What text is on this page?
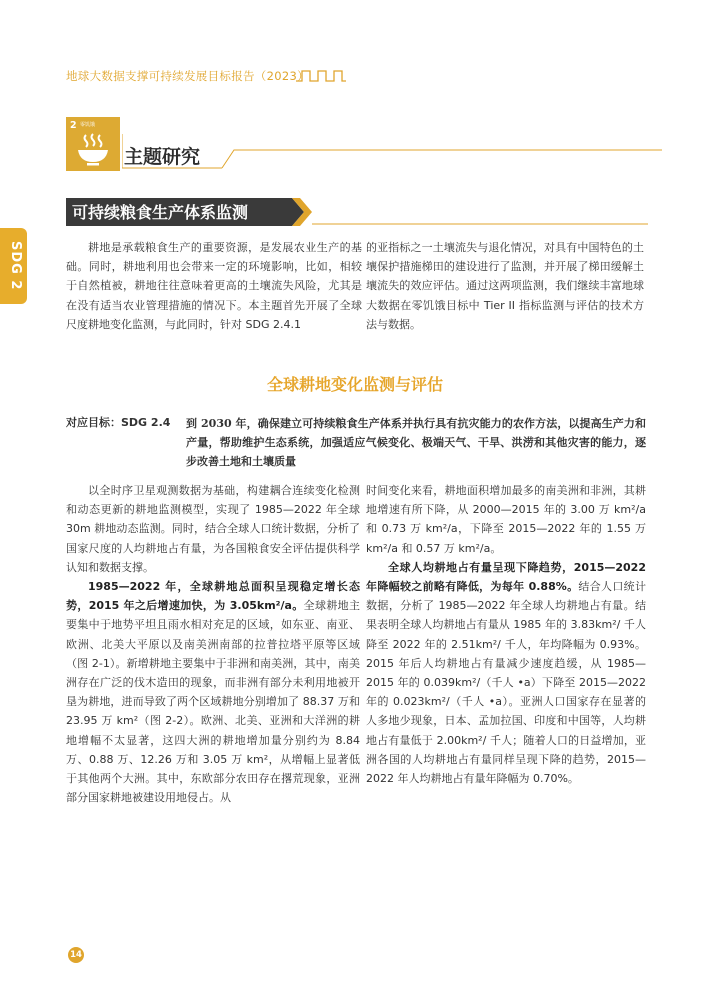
地球大数据支撑可持续发展目标报告（2023）
2 零饥饿
主题研究
SDG 2
可持续粮食生产体系监测

耕地是承载粮食生产的重要资源，是发展农业生产的基础。同时，耕地利用也会带来一定的环境影响，比如，相较于自然植被，耕地往往意味着更高的土壤流失风险，尤其是在没有适当农业管理措施的情况下。本主题首先开展了全球尺度耕地变化监测，与此同时，针对 SDG 2.4.1

的亚指标之一土壤流失与退化情况，对具有中国特色的土壤保护措施梯田的建设进行了监测，并开展了梯田缓解土壤流失的效应评估。通过这两项监测，我们继续丰富地球大数据在零饥饿目标中 Tier II 指标监测与评估的技术方法与数据。

全球耕地变化监测与评估
对应目标：SDG 2.4 到 2030 年，确保建立可持续粮食生产体系并执行具有抗灾能力的农作方法，以提高生产力和产量，帮助维护生态系统，加强适应气候变化、极端天气、干旱、洪涝和其他灾害的能力，逐步改善土地和土壤质量

以全时序卫星观测数据为基础，构建耦合连续变化检测和动态更新的耕地监测模型，实现了 1985—2022 年全球 30m 耕地动态监测。同时，结合全球人口统计数据，分析了国家尺度的人均耕地占有量，为各国粮食安全评估提供科学认知和数据支撑。

1985—2022 年，全球耕地总面积呈现稳定增长态势，2015 年之后增速加快，为 3.05km²/a。全球耕地主要集中于地势平坦且雨水相对充足的区域，如东亚、南亚、欧洲、北美大平原以及南美洲南部的拉普拉塔平原等区域（图 2-1）。新增耕地主要集中于非洲和南美洲，其中，南美洲存在广泛的伐木造田的现象，而非洲有部分未利用地被开垦为耕地，进而导致了两个区域耕地分别增加了 88.37 万和 23.95 万 km²（图 2-2）。欧洲、北美、亚洲和大洋洲的耕地增幅不太显著，这四大洲的耕地增加量分别约为 8.84 万、0.88 万、12.26 万和 3.05 万 km²，从增幅上显著低于其他两个大洲。其中，东欧部分农田存在撂荒现象，亚洲部分国家耕地被建设用地侵占。从

时间变化来看，耕地面积增加最多的南美洲和非洲，其耕地增速有所下降，从 2000—2015 年的 3.00 万 km²/a 和 0.73 万 km²/a，下降至 2015—2022 年的 1.55 万 km²/a 和 0.57 万 km²/a。

全球人均耕地占有量呈现下降趋势，2015—2022 年降幅较之前略有降低，为每年 0.88%。结合人口统计数据，分析了 1985—2022 年全球人均耕地占有量。结果表明全球人均耕地占有量从 1985 年的 3.83km²/ 千人降至 2022 年的 2.51km²/ 千人，年均降幅为 0.93%。2015 年后人均耕地占有量减少速度趋缓，从 1985—2015 年的 0.039km²/（千人 •a）下降至 2015—2022 年的 0.023km²/（千人 •a）。亚洲人口国家存在显著的人多地少现象，日本、孟加拉国、印度和中国等，人均耕地占有量低于 2.00km²/ 千人；随着人口的日益增加，亚洲各国的人均耕地占有量同样呈现下降的趋势，2015—2022 年人均耕地占有量年降幅为 0.70%。

14
